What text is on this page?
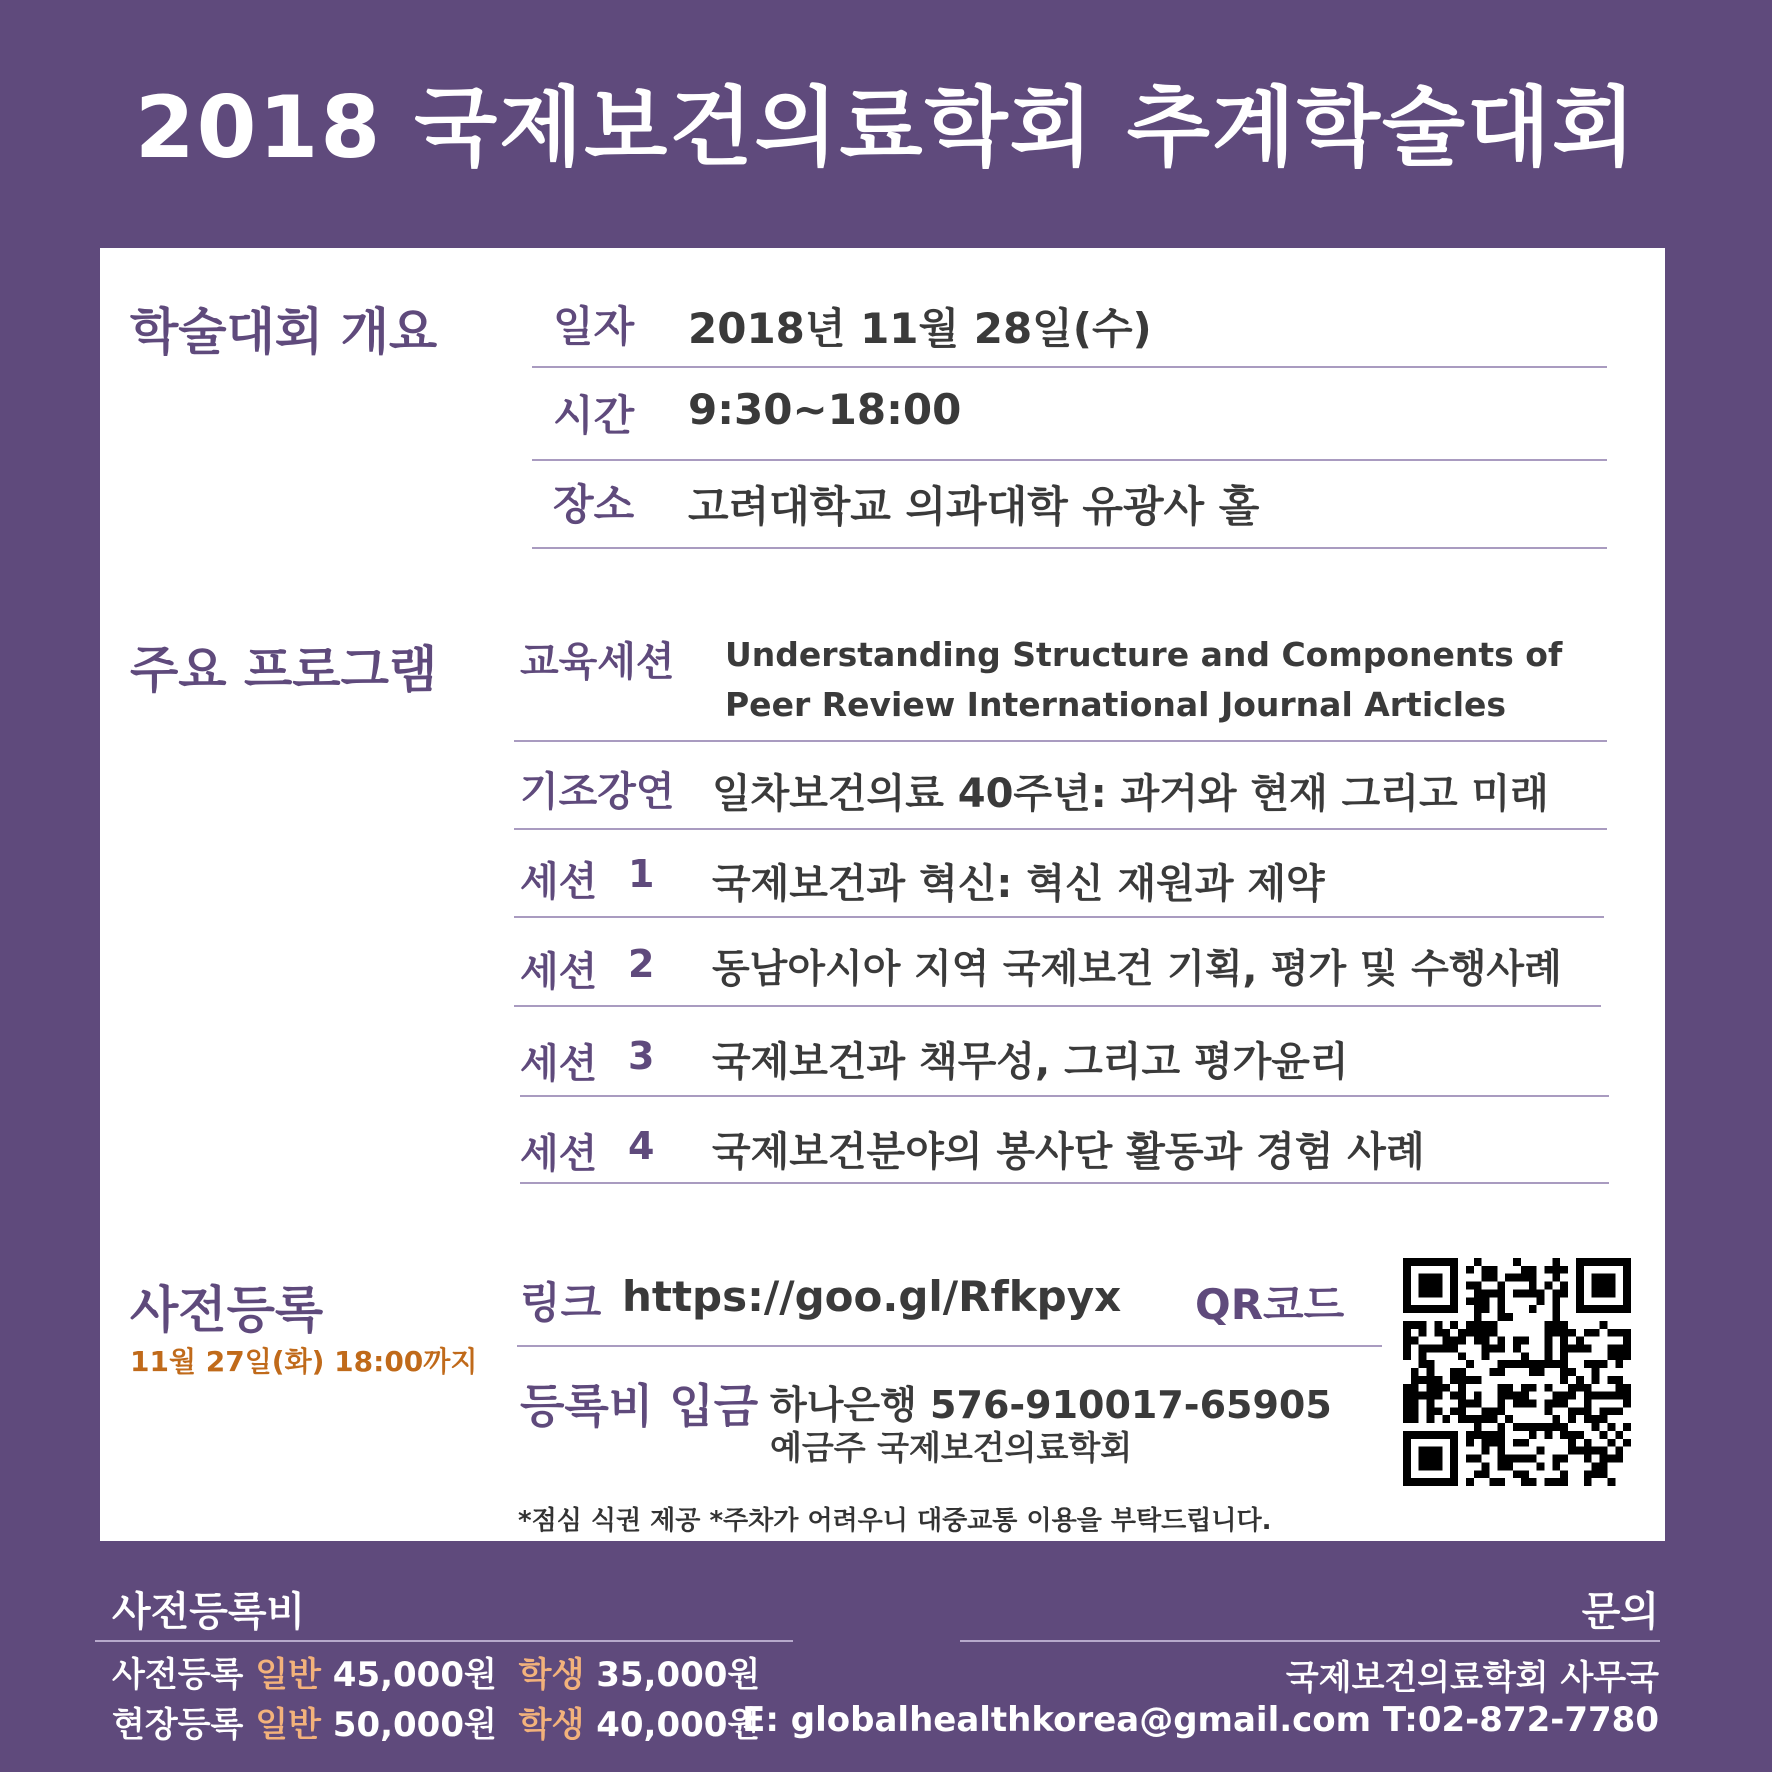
2018 국제보건의료학회 추계학술대회
학술대회 개요	일자 2018년 11월 28일(수)
시간 9:30~18:00
장소 고려대학교 의과대학 유광사 홀
주요 프로그램 교육세션 Understanding Structure and Components of
Peer Review International Journal Articles
기조강연 일차보건의료 40주년: 과거와 현재 그리고 미래
세션 1 국제보건과 혁신: 혁신 재원과 제약
세션 2 동남아시아 지역 국제보건 기획, 평가 및 수행사례
세션 3 국제보건과 책무성, 그리고 평가윤리
세션 4 국제보건분야의 봉사단 활동과 경험 사례
사전등록
11월 27일(화) 18:00까지
링크 https://goo.gl/Rfkpyx QR코드
등록비 입금 하나은행 576-910017-65905
예금주 국제보건의료학회
*점심 식권 제공 *주차가 어려우니 대중교통 이용을 부탁드립니다.
사전등록비
사전등록 일반 45,000원 학생 35,000원
현장등록 일반 50,000원 학생 40,000원
문의
국제보건의료학회 사무국
E: globalhealthkorea@gmail.com T:02-872-7780
